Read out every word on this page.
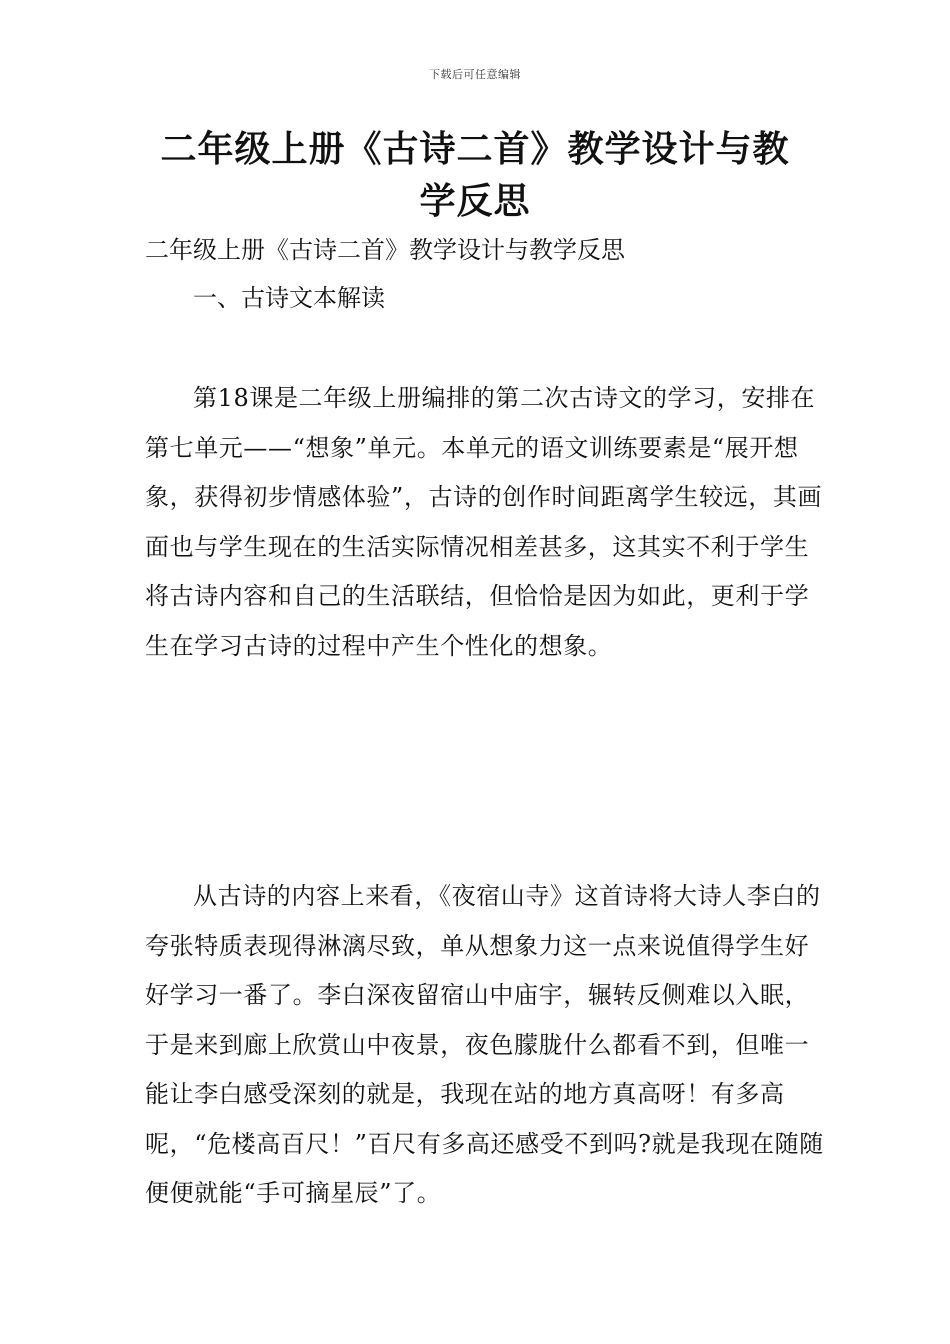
下载后可任意编辑
二年级上册《古诗二首》教学设计与教学反思

二年级上册《古诗二首》教学设计与教学反思

一、古诗文本解读

第18课是二年级上册编排的第二次古诗文的学习，安排在第七单元——“想象”单元。本单元的语文训练要素是“展开想象，获得初步情感体验”，古诗的创作时间距离学生较远，其画面也与学生现在的生活实际情况相差甚多，这其实不利于学生将古诗内容和自己的生活联结，但恰恰是因为如此，更利于学生在学习古诗的过程中产生个性化的想象。

从古诗的内容上来看，《夜宿山寺》这首诗将大诗人李白的夸张特质表现得淋漓尽致，单从想象力这一点来说值得学生好好学习一番了。李白深夜留宿山中庙宇，辗转反侧难以入眠，于是来到廊上欣赏山中夜景，夜色朦胧什么都看不到，但唯一能让李白感受深刻的就是，我现在站的地方真高呀！有多高呢，“危楼高百尺！”百尺有多高还感受不到吗?就是我现在随随便便就能“手可摘星辰”了。
